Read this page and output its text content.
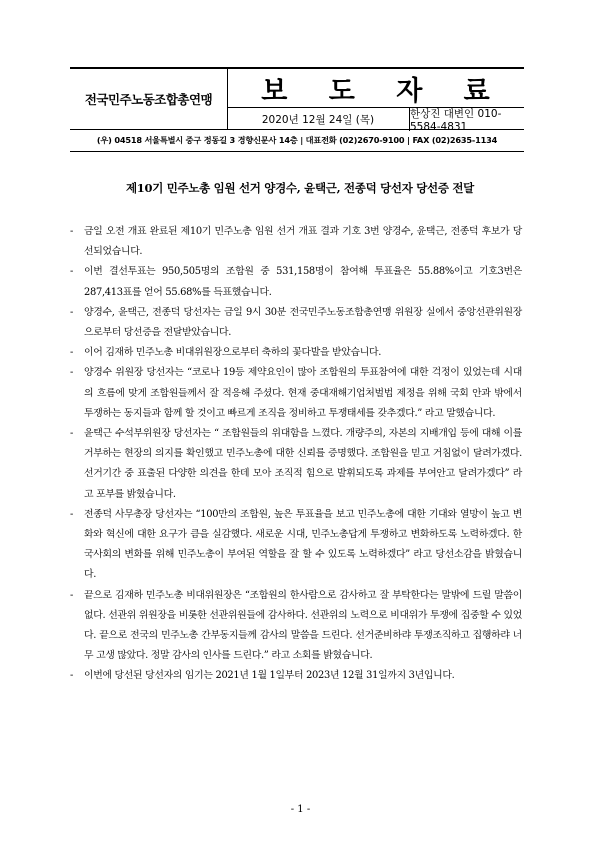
전국민주노동조합총연맹	보 도 자 료
2020년 12월 24일 (목)	한상진 대변인 010-5584-4831
(우) 04518 서울특별시 중구 정동길 3 경향신문사 14층 | 대표전화 (02)2670-9100 | FAX (02)2635-1134
제10기 민주노총 임원 선거 양경수, 윤택근, 전종덕 당선자 당선증 전달
- 금일 오전 개표 완료된 제10기 민주노총 임원 선거 개표 결과 기호 3번 양경수, 윤택근, 전종덕 후보가 당선되었습니다.
- 이번 결선투표는 950,505명의 조합원 중 531,158명이 참여해 투표율은 55.88%이고 기호3번은 287,413표를 얻어 55.68%를 득표했습니다.
- 양경수, 윤택근, 전종덕 당선자는 금일 9시 30분 전국민주노동조합총연맹 위원장 실에서 중앙선관위원장으로부터 당선증을 전달받았습니다.
- 이어 김재하 민주노총 비대위원장으로부터 축하의 꽃다발을 받았습니다.
- 양경수 위원장 당선자는 “코로나 19등 제약요인이 많아 조합원의 투표참여에 대한 걱정이 있었는데 시대의 흐름에 맞게 조합원들께서 잘 적응해 주셨다. 현재 중대재해기업처벌법 제정을 위해 국회 안과 밖에서 투쟁하는 동지들과 함께 할 것이고 빠르게 조직을 정비하고 투쟁태세를 갖추겠다.” 라고 말했습니다.
- 윤택근 수석부위원장 당선자는 “ 조합원들의 위대함을 느꼈다. 개량주의, 자본의 지배개입 등에 대해 이를 거부하는 현장의 의지를 확인했고 민주노총에 대한 신뢰를 증명했다. 조합원을 믿고 거침없이 달려가겠다. 선거기간 중 표출된 다양한 의견을 한데 모아 조직적 힘으로 발휘되도록 과제를 부여안고 달려가겠다” 라고 포부를 밝혔습니다.
- 전종덕 사무총장 당선자는 “100만의 조합원, 높은 투표율을 보고 민주노총에 대한 기대와 열망이 높고 변화와 혁신에 대한 요구가 큼을 실감했다. 새로운 시대, 민주노총답게 투쟁하고 변화하도록 노력하겠다. 한국사회의 변화를 위해 민주노총이 부여된 역할을 잘 할 수 있도록 노력하겠다” 라고 당선소감을 밝혔습니다.
- 끝으로 김재하 민주노총 비대위원장은 “조합원의 한사람으로 감사하고 잘 부탁한다는 말밖에 드릴 말씀이 없다. 선관위 위원장을 비롯한 선관위원들에 감사하다. 선관위의 노력으로 비대위가 투쟁에 집중할 수 있었다. 끝으로 전국의 민주노총 간부동지들께 감사의 말씀을 드린다. 선거준비하랴 투쟁조직하고 집행하랴 너무 고생 많았다. 정말 감사의 인사를 드린다.” 라고 소회를 밝혔습니다.
- 이번에 당선된 당선자의 임기는 2021년 1월 1일부터 2023년 12월 31일까지 3년입니다.
- 1 -
